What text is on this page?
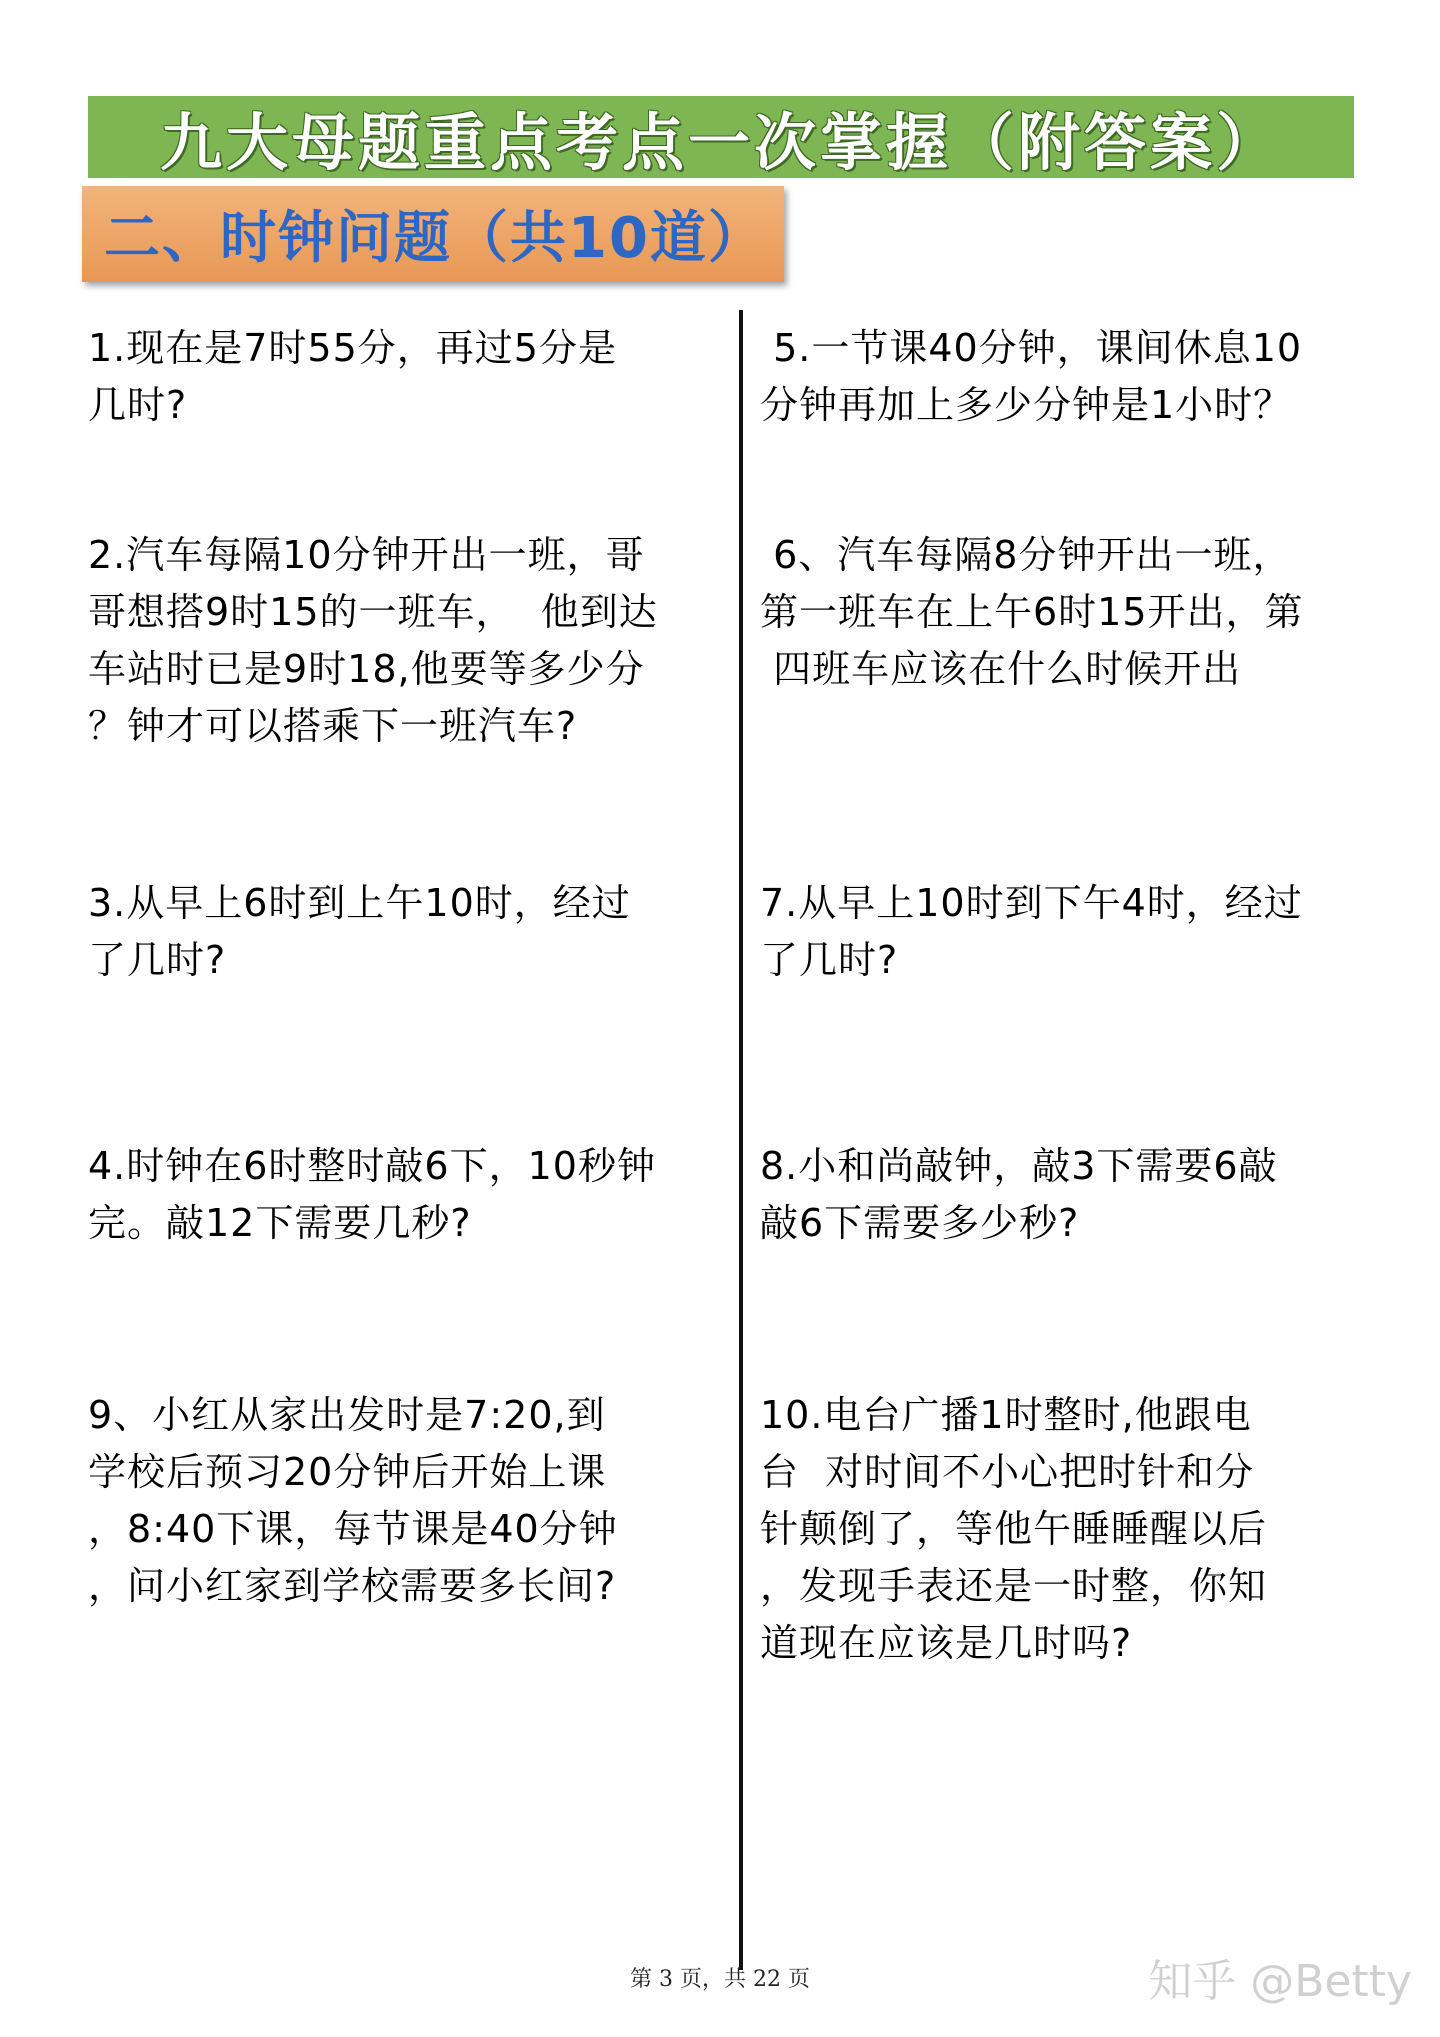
九大母题重点考点一次掌握（附答案）
二、时钟问题（共10道）
1.现在是7时55分，再过5分是
几时?
2.汽车每隔10分钟开出一班，哥
哥想搭9时15的一班车，  他到达
车站时已是9时18,他要等多少分
？钟才可以搭乘下一班汽车?
3.从早上6时到上午10时，经过
了几时?
4.时钟在6时整时敲6下，10秒钟
完。敲12下需要几秒?
9、小红从家出发时是7:20,到
学校后预习20分钟后开始上课
，8:40下课，每节课是40分钟
，问小红家到学校需要多长间?
5.一节课40分钟，课间休息10
分钟再加上多少分钟是1小时？
6、汽车每隔8分钟开出一班，
第一班车在上午6时15开出，第
四班车应该在什么时候开出
7.从早上10时到下午4时，经过
了几时?
8.小和尚敲钟，敲3下需要6敲
敲6下需要多少秒?
10.电台广播1时整时,他跟电
台  对时间不小心把时针和分
针颠倒了，等他午睡睡醒以后
，发现手表还是一时整，你知
道现在应该是几时吗?
第 3 页，共 22 页	知乎 @Betty
